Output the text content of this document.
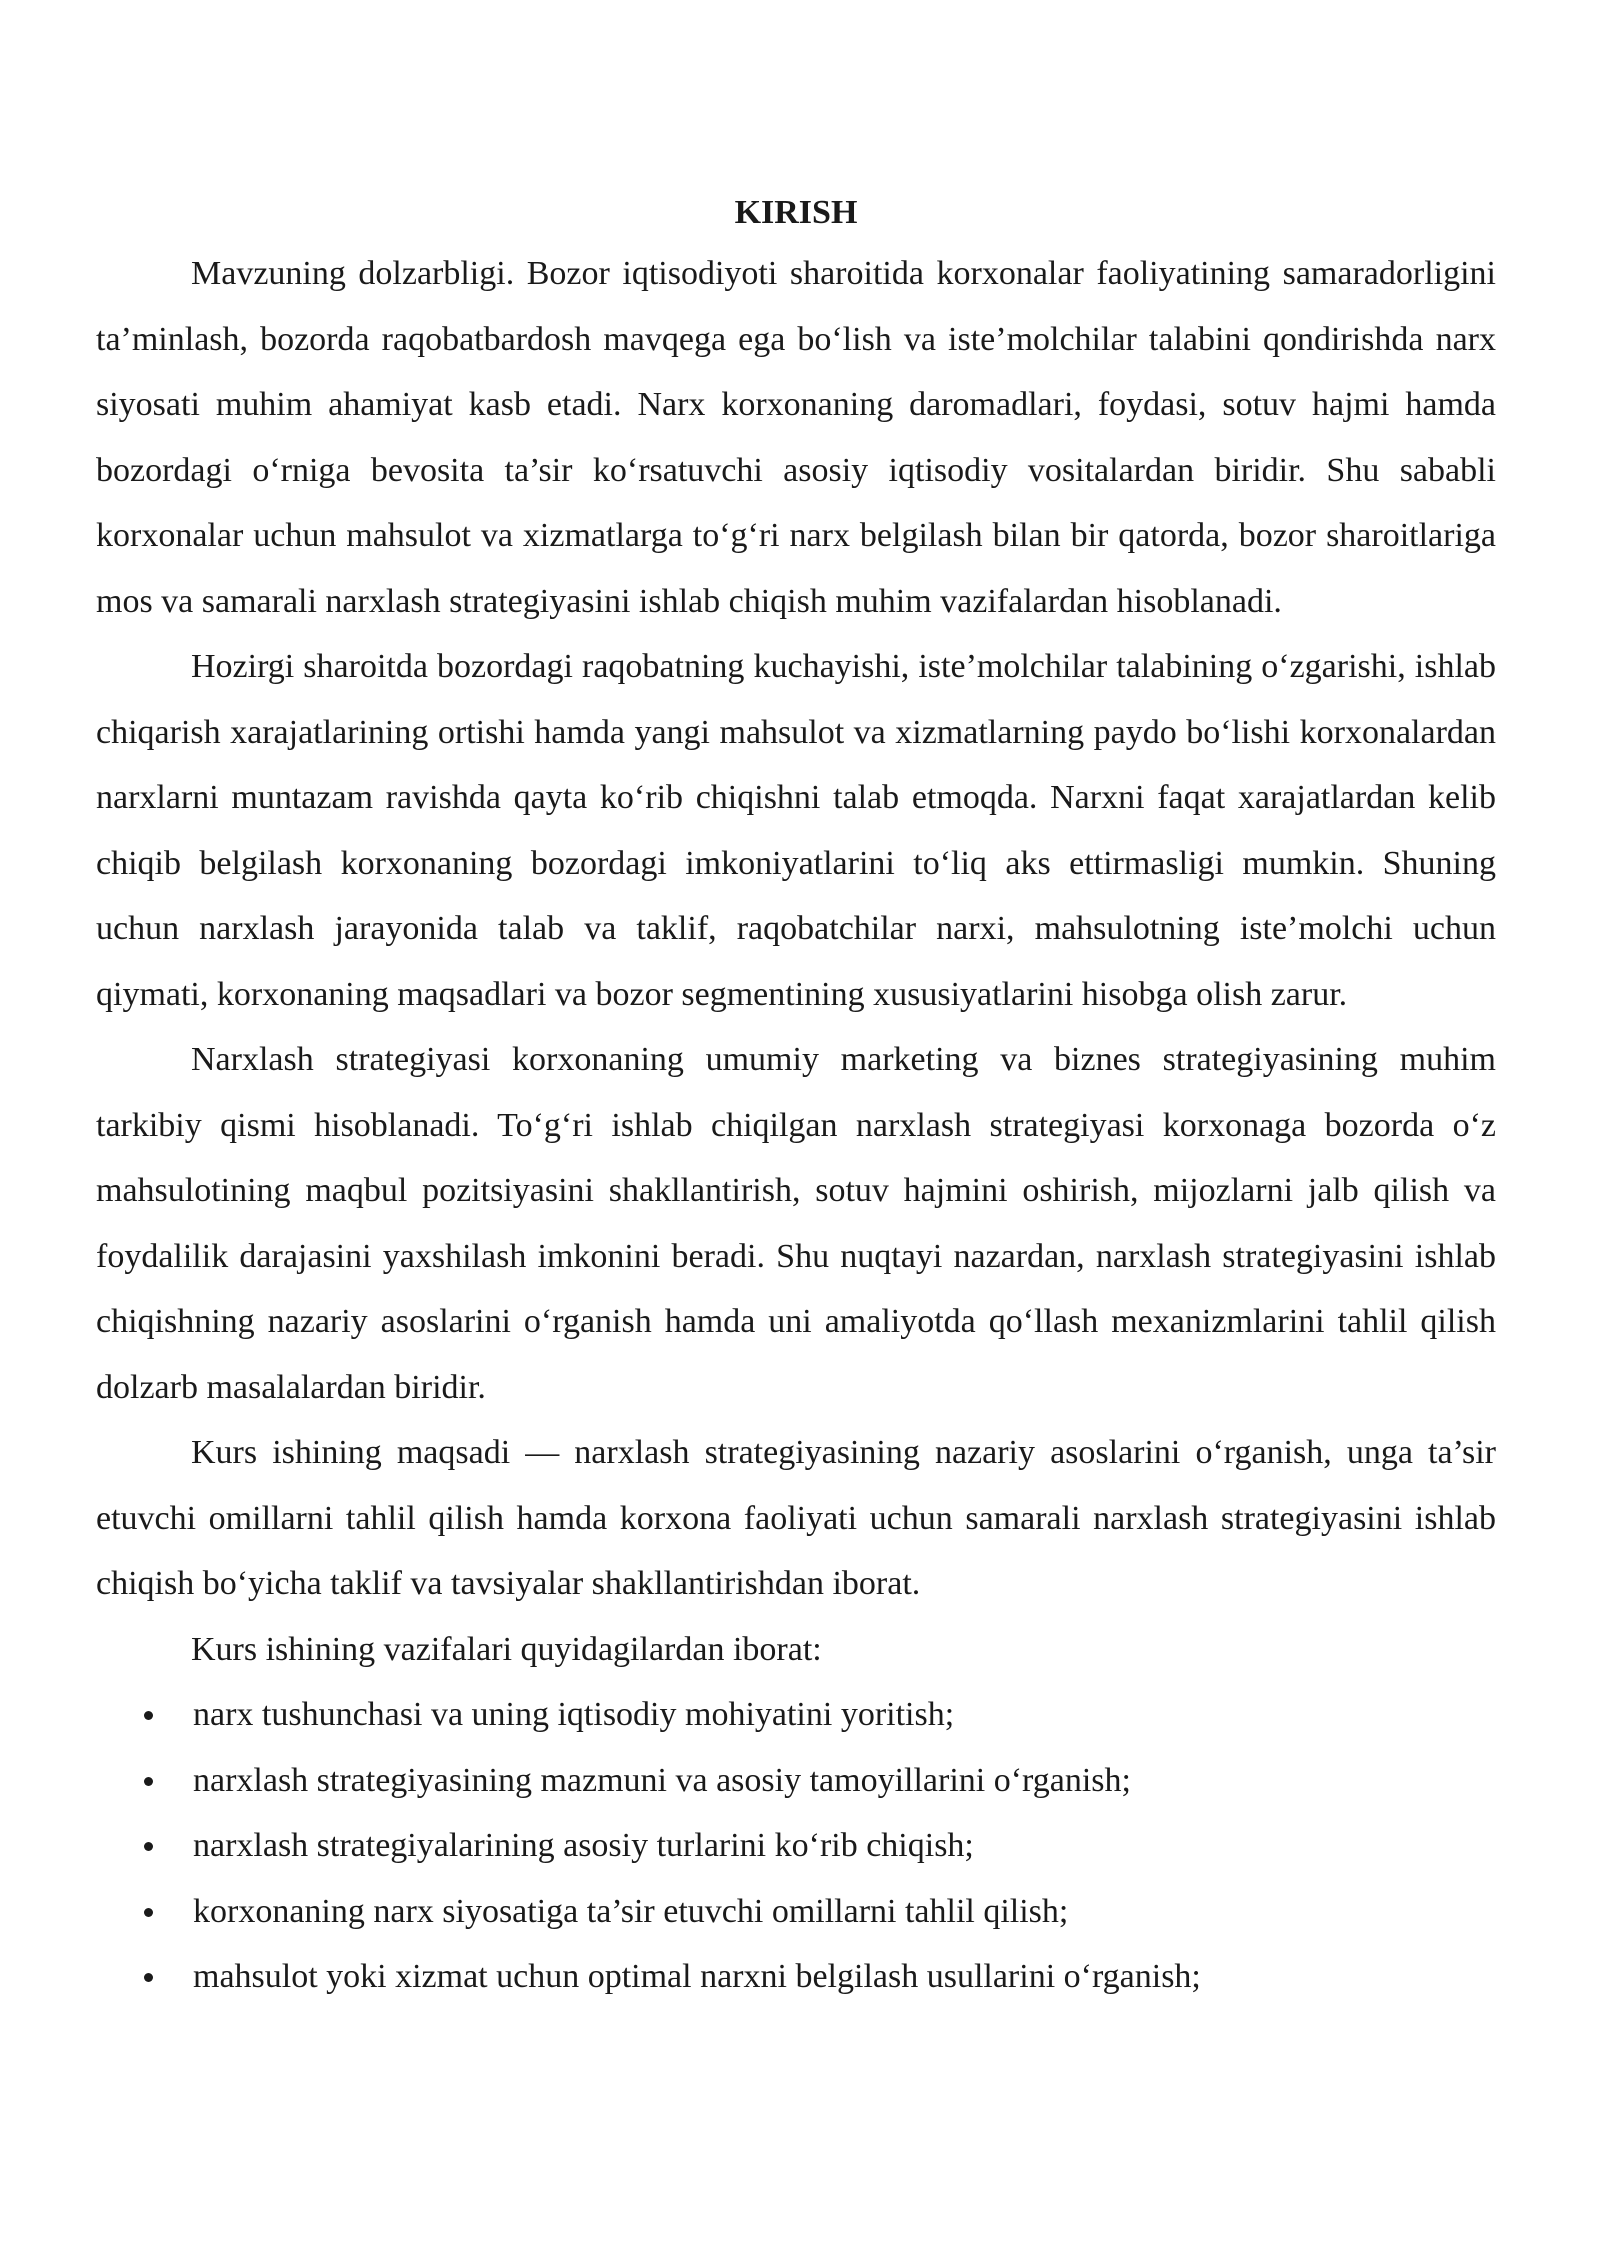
KIRISH

Mavzuning dolzarbligi. Bozor iqtisodiyoti sharoitida korxonalar faoliyatining samaradorligini ta’minlash, bozorda raqobatbardosh mavqega ega bo‘lish va iste’molchilar talabini qondirishda narx siyosati muhim ahamiyat kasb etadi. Narx korxonaning daromadlari, foydasi, sotuv hajmi hamda bozordagi o‘rniga bevosita ta’sir ko‘rsatuvchi asosiy iqtisodiy vositalardan biridir. Shu sababli korxonalar uchun mahsulot va xizmatlarga to‘g‘ri narx belgilash bilan bir qatorda, bozor sharoitlariga mos va samarali narxlash strategiyasini ishlab chiqish muhim vazifalardan hisoblanadi.

Hozirgi sharoitda bozordagi raqobatning kuchayishi, iste’molchilar talabining o‘zgarishi, ishlab chiqarish xarajatlarining ortishi hamda yangi mahsulot va xizmatlarning paydo bo‘lishi korxonalardan narxlarni muntazam ravishda qayta ko‘rib chiqishni talab etmoqda. Narxni faqat xarajatlardan kelib chiqib belgilash korxonaning bozordagi imkoniyatlarini to‘liq aks ettirmasligi mumkin. Shuning uchun narxlash jarayonida talab va taklif, raqobatchilar narxi, mahsulotning iste’molchi uchun qiymati, korxonaning maqsadlari va bozor segmentining xususiyatlarini hisobga olish zarur.

Narxlash strategiyasi korxonaning umumiy marketing va biznes strategiyasining muhim tarkibiy qismi hisoblanadi. To‘g‘ri ishlab chiqilgan narxlash strategiyasi korxonaga bozorda o‘z mahsulotining maqbul pozitsiyasini shakllantirish, sotuv hajmini oshirish, mijozlarni jalb qilish va foydalilik darajasini yaxshilash imkonini beradi. Shu nuqtayi nazardan, narxlash strategiyasini ishlab chiqishning nazariy asoslarini o‘rganish hamda uni amaliyotda qo‘llash mexanizmlarini tahlil qilish dolzarb masalalardan biridir.

Kurs ishining maqsadi — narxlash strategiyasining nazariy asoslarini o‘rganish, unga ta’sir etuvchi omillarni tahlil qilish hamda korxona faoliyati uchun samarali narxlash strategiyasini ishlab chiqish bo‘yicha taklif va tavsiyalar shakllantirishdan iborat.

Kurs ishining vazifalari quyidagilardan iborat:

narx tushunchasi va uning iqtisodiy mohiyatini yoritish;
narxlash strategiyasining mazmuni va asosiy tamoyillarini o‘rganish;
narxlash strategiyalarining asosiy turlarini ko‘rib chiqish;
korxonaning narx siyosatiga ta’sir etuvchi omillarni tahlil qilish;
mahsulot yoki xizmat uchun optimal narxni belgilash usullarini o‘rganish;
